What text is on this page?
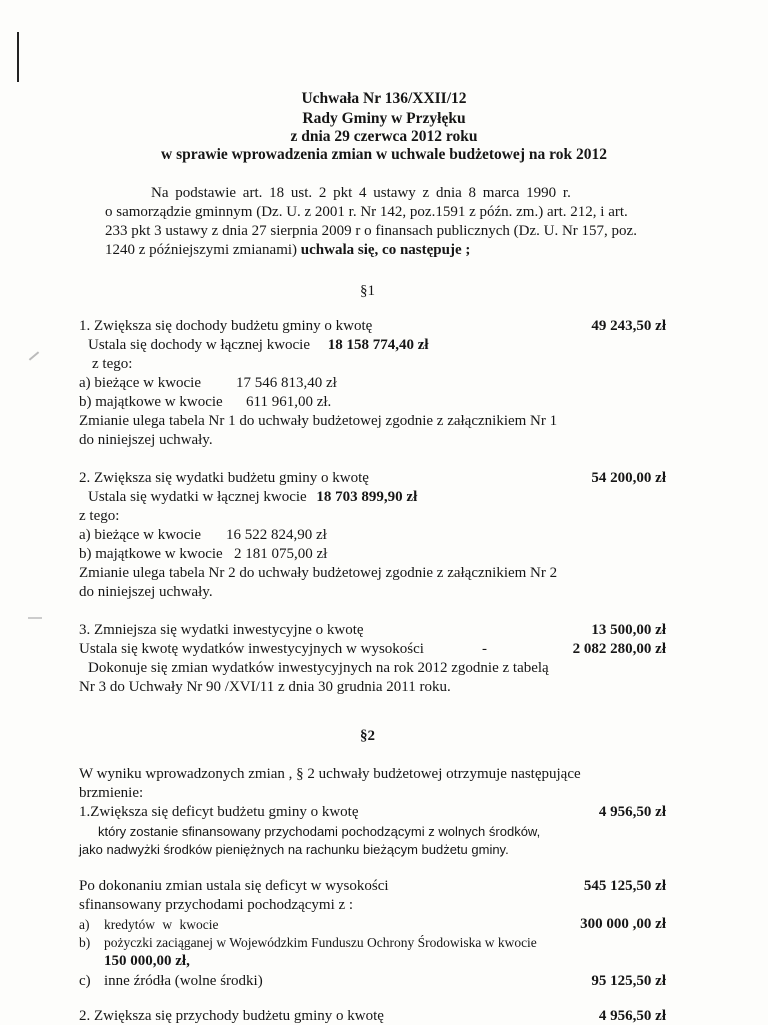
Uchwała Nr 136/XXII/12
Rady Gminy w Przyłęku
z dnia 29 czerwca 2012 roku
w sprawie wprowadzenia zmian w uchwale budżetowej na rok 2012
Na podstawie art. 18 ust. 2 pkt 4 ustawy z dnia 8 marca 1990 r.
o samorządzie gminnym (Dz. U. z 2001 r. Nr 142, poz.1591 z późn. zm.) art. 212, i art.
233 pkt 3 ustawy z dnia 27 sierpnia 2009 r o finansach publicznych (Dz. U. Nr 157, poz.
1240 z późniejszymi zmianami) uchwala się, co następuje ;
§1
1. Zwiększa się dochody budżetu gminy o kwotę	49 243,50 zł
Ustala się dochody w łącznej kwocie 18 158 774,40 zł
z tego:
a) bieżące w kwocie 17 546 813,40 zł
b) majątkowe w kwocie 611 961,00 zł.
Zmianie ulega tabela Nr 1 do uchwały budżetowej zgodnie z załącznikiem Nr 1
do niniejszej uchwały.
2. Zwiększa się wydatki budżetu gminy o kwotę	54 200,00 zł
Ustala się wydatki w łącznej kwocie 18 703 899,90 zł
z tego:
a) bieżące w kwocie 16 522 824,90 zł
b) majątkowe w kwocie 2 181 075,00 zł
Zmianie ulega tabela Nr 2 do uchwały budżetowej zgodnie z załącznikiem Nr 2
do niniejszej uchwały.
3. Zmniejsza się wydatki inwestycyjne o kwotę	13 500,00 zł
Ustala się kwotę wydatków inwestycyjnych w wysokości	-	2 082 280,00 zł
Dokonuje się zmian wydatków inwestycyjnych na rok 2012 zgodnie z tabelą
Nr 3 do Uchwały Nr 90 /XVI/11 z dnia 30 grudnia 2011 roku.
§2
W wyniku wprowadzonych zmian , § 2 uchwały budżetowej otrzymuje następujące
brzmienie:
1.Zwiększa się deficyt budżetu gminy o kwotę	4 956,50 zł
który zostanie sfinansowany przychodami pochodzącymi z wolnych środków,
jako nadwyżki środków pieniężnych na rachunku bieżącym budżetu gminy.
Po dokonaniu zmian ustala się deficyt w wysokości	545 125,50 zł
sfinansowany przychodami pochodzącymi z :
a) kredytów w kwocie	300 000 ,00 zł
b) pożyczki zaciąganej w Wojewódzkim Funduszu Ochrony Środowiska w kwocie
150 000,00 zł,
c) inne źródła (wolne środki)	95 125,50 zł
2. Zwiększa się przychody budżetu gminy o kwotę	4 956,50 zł
